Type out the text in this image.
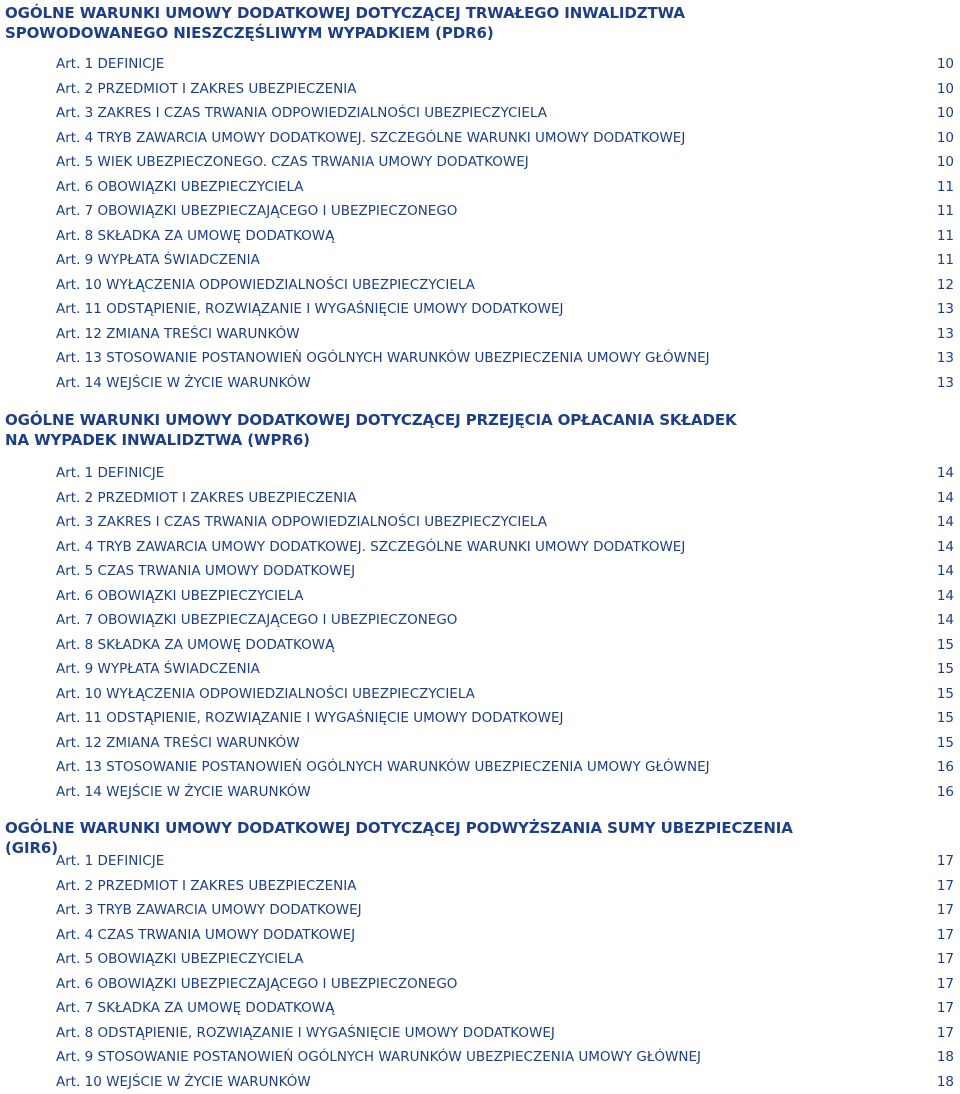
OGÓLNE WARUNKI UMOWY DODATKOWEJ DOTYCZĄCEJ TRWAŁEGO INWALIDZTWA
SPOWODOWANEGO NIESZCZĘŚLIWYM WYPADKIEM (PDR6)
Art. 1 DEFINICJE	10
Art. 2 PRZEDMIOT I ZAKRES UBEZPIECZENIA	10
Art. 3 ZAKRES I CZAS TRWANIA ODPOWIEDZIALNOŚCI UBEZPIECZYCIELA	10
Art. 4 TRYB ZAWARCIA UMOWY DODATKOWEJ. SZCZEGÓLNE WARUNKI UMOWY DODATKOWEJ	10
Art. 5 WIEK UBEZPIECZONEGO. CZAS TRWANIA UMOWY DODATKOWEJ	10
Art. 6 OBOWIĄZKI UBEZPIECZYCIELA	11
Art. 7 OBOWIĄZKI UBEZPIECZAJĄCEGO I UBEZPIECZONEGO	11
Art. 8 SKŁADKA ZA UMOWĘ DODATKOWĄ	11
Art. 9 WYPŁATA ŚWIADCZENIA	11
Art. 10 WYŁĄCZENIA ODPOWIEDZIALNOŚCI UBEZPIECZYCIELA	12
Art. 11 ODSTĄPIENIE, ROZWIĄZANIE I WYGAŚNIĘCIE UMOWY DODATKOWEJ	13
Art. 12 ZMIANA TREŚCI WARUNKÓW	13
Art. 13 STOSOWANIE POSTANOWIEŃ OGÓLNYCH WARUNKÓW UBEZPIECZENIA UMOWY GŁÓWNEJ	13
Art. 14 WEJŚCIE W ŻYCIE WARUNKÓW	13
OGÓLNE WARUNKI UMOWY DODATKOWEJ DOTYCZĄCEJ PRZEJĘCIA OPŁACANIA SKŁADEK
NA WYPADEK INWALIDZTWA (WPR6)
Art. 1 DEFINICJE	14
Art. 2 PRZEDMIOT I ZAKRES UBEZPIECZENIA	14
Art. 3 ZAKRES I CZAS TRWANIA ODPOWIEDZIALNOŚCI UBEZPIECZYCIELA	14
Art. 4 TRYB ZAWARCIA UMOWY DODATKOWEJ. SZCZEGÓLNE WARUNKI UMOWY DODATKOWEJ	14
Art. 5 CZAS TRWANIA UMOWY DODATKOWEJ	14
Art. 6 OBOWIĄZKI UBEZPIECZYCIELA	14
Art. 7 OBOWIĄZKI UBEZPIECZAJĄCEGO I UBEZPIECZONEGO	14
Art. 8 SKŁADKA ZA UMOWĘ DODATKOWĄ	15
Art. 9 WYPŁATA ŚWIADCZENIA	15
Art. 10 WYŁĄCZENIA ODPOWIEDZIALNOŚCI UBEZPIECZYCIELA	15
Art. 11 ODSTĄPIENIE, ROZWIĄZANIE I WYGAŚNIĘCIE UMOWY DODATKOWEJ	15
Art. 12 ZMIANA TREŚCI WARUNKÓW	15
Art. 13 STOSOWANIE POSTANOWIEŃ OGÓLNYCH WARUNKÓW UBEZPIECZENIA UMOWY GŁÓWNEJ	16
Art. 14 WEJŚCIE W ŻYCIE WARUNKÓW	16
OGÓLNE WARUNKI UMOWY DODATKOWEJ DOTYCZĄCEJ PODWYŻSZANIA SUMY UBEZPIECZENIA (GIR6)
Art. 1 DEFINICJE	17
Art. 2 PRZEDMIOT I ZAKRES UBEZPIECZENIA	17
Art. 3 TRYB ZAWARCIA UMOWY DODATKOWEJ	17
Art. 4 CZAS TRWANIA UMOWY DODATKOWEJ	17
Art. 5 OBOWIĄZKI UBEZPIECZYCIELA	17
Art. 6 OBOWIĄZKI UBEZPIECZAJĄCEGO I UBEZPIECZONEGO	17
Art. 7 SKŁADKA ZA UMOWĘ DODATKOWĄ	17
Art. 8 ODSTĄPIENIE, ROZWIĄZANIE I WYGAŚNIĘCIE UMOWY DODATKOWEJ	17
Art. 9 STOSOWANIE POSTANOWIEŃ OGÓLNYCH WARUNKÓW UBEZPIECZENIA UMOWY GŁÓWNEJ	18
Art. 10 WEJŚCIE W ŻYCIE WARUNKÓW	18
